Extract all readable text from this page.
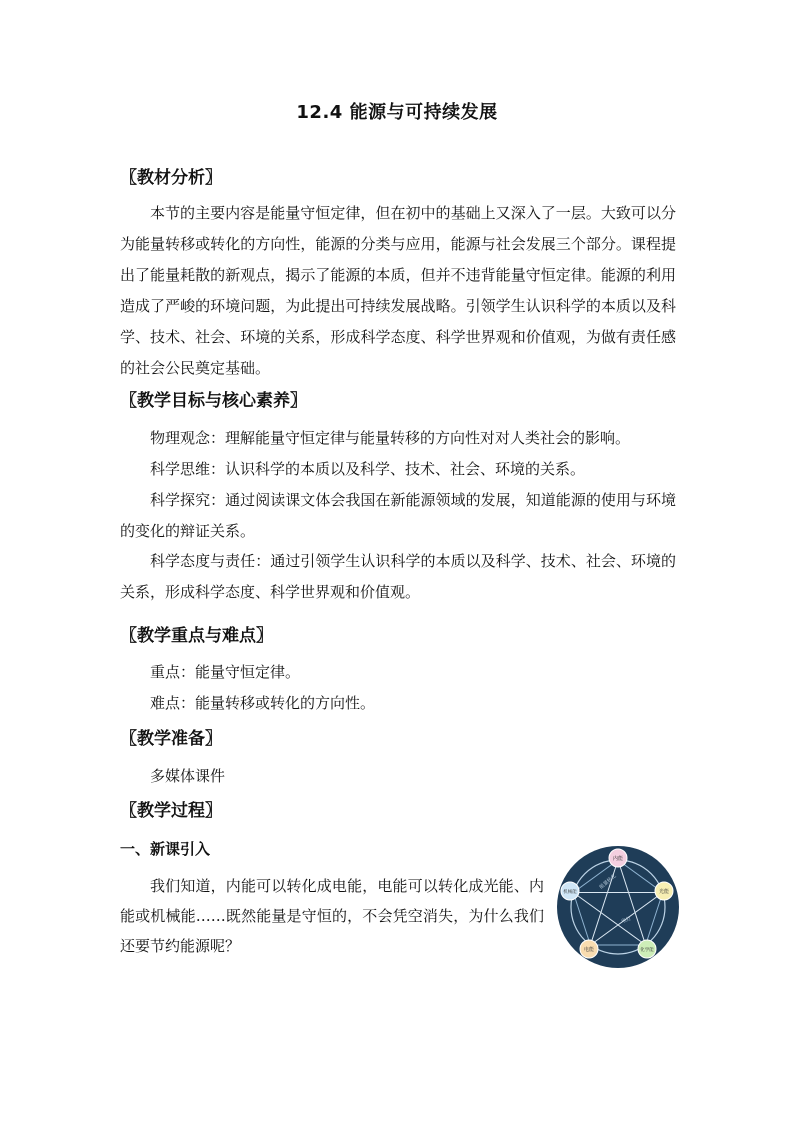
12.4 能源与可持续发展
〖教材分析〗
本节的主要内容是能量守恒定律，但在初中的基础上又深入了一层。大致可以分为能量转移或转化的方向性，能源的分类与应用，能源与社会发展三个部分。课程提出了能量耗散的新观点，揭示了能源的本质，但并不违背能量守恒定律。能源的利用造成了严峻的环境问题，为此提出可持续发展战略。引领学生认识科学的本质以及科学、技术、社会、环境的关系，形成科学态度、科学世界观和价值观，为做有责任感的社会公民奠定基础。
〖教学目标与核心素养〗
物理观念：理解能量守恒定律与能量转移的方向性对对人类社会的影响。
科学思维：认识科学的本质以及科学、技术、社会、环境的关系。
科学探究：通过阅读课文体会我国在新能源领域的发展，知道能源的使用与环境的变化的辩证关系。
科学态度与责任：通过引领学生认识科学的本质以及科学、技术、社会、环境的关系，形成科学态度、科学世界观和价值观。
〖教学重点与难点〗
重点：能量守恒定律。
难点：能量转移或转化的方向性。
〖教学准备〗
多媒体课件
〖教学过程〗
一、新课引入
我们知道，内能可以转化成电能，电能可以转化成光能、内能或机械能……既然能量是守恒的，不会凭空消失，为什么我们还要节约能源呢？
能量转化
电灯
内能
光能
化学能
电能
机械能
